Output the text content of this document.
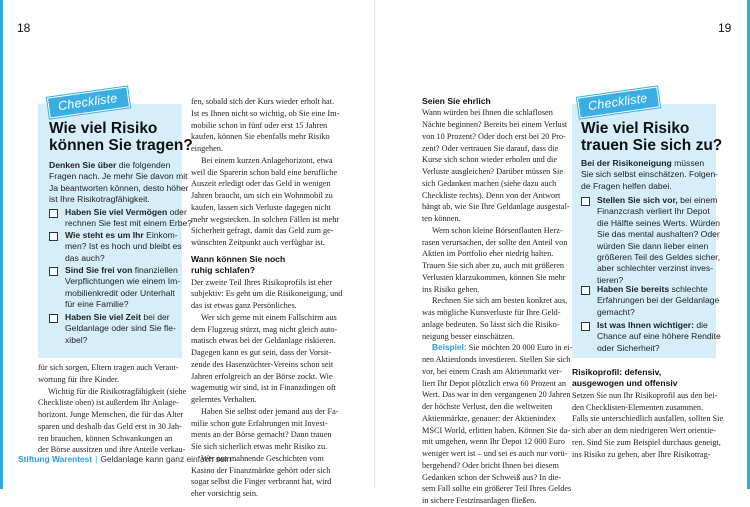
18	19
Checkliste
Wie viel Risiko
können Sie tragen?
Denken Sie über die folgenden
Fragen nach. Je mehr Sie davon mit
Ja beantworten können, desto höher
ist Ihre Risikotragfähigkeit.
Haben Sie viel Vermögen oder
rechnen Sie fest mit einem Erbe?
Wie steht es um Ihr Einkom-
men? Ist es hoch und bleibt es
das auch?
Sind Sie frei von finanziellen
Verpflichtungen wie einem Im-
mobilienkredit oder Unterhalt
für eine Familie?
Haben Sie viel Zeit bei der
Geldanlage oder sind Sie fle-
xibel?
für sich sorgen, Eltern tragen auch Verant-
wortung für ihre Kinder.
Wichtig für die Risikotragfähigkeit (siehe
Checkliste oben) ist außerdem Ihr Anlage-
horizont. Junge Menschen, die für das Alter
sparen und deshalb das Geld erst in 30 Jah-
ren brauchen, können Schwankungen an
der Börse aussitzen und ihre Anteile verkau-
fen, sobald sich der Kurs wieder erholt hat.
Ist es Ihnen nicht so wichtig, ob Sie eine Im-
mobilie schon in fünf oder erst 15 Jahren
kaufen, können Sie ebenfalls mehr Risiko
eingehen.
Bei einem kurzen Anlagehorizont, etwa
weil die Sparerin schon bald eine berufliche
Auszeit erledigt oder das Geld in wenigen
Jahren braucht, um sich ein Wohnmobil zu
kaufen, lassen sich Verluste dagegen nicht
mehr wegstecken. In solchen Fällen ist mehr
Sicherheit gefragt, damit das Geld zum ge-
wünschten Zeitpunkt auch verfügbar ist.
Wann können Sie noch
ruhig schlafen?
Der zweite Teil Ihres Risikoprofils ist eher
subjektiv: Es geht um die Risikoneigung, und
das ist etwas ganz Persönliches.
Wer sich gerne mit einem Fallschirm aus
dem Flugzeug stürzt, mag nicht gleich auto-
matisch etwas bei der Geldanlage riskieren.
Dagegen kann es gut sein, dass der Vorsit-
zende des Hasenzüchter-Vereins schon seit
Jahren erfolgreich an der Börse zockt. Wie
wagemutig wir sind, ist in Finanzdingen oft
gelerntes Verhalten.
Haben Sie selbst oder jemand aus der Fa-
milie schon gute Erfahrungen mit Invest-
ments an der Börse gemacht? Dann trauen
Sie sich sicherlich etwas mehr Risiko zu.
Wer nur mahnende Geschichten vom
Kasino der Finanzmärkte gehört oder sich
sogar selbst die Finger verbrannt hat, wird
eher vorsichtig sein.
Seien Sie ehrlich
Wann würden bei Ihnen die schlaflosen
Nächte beginnen? Bereits bei einem Verlust
von 10 Prozent? Oder doch erst bei 20 Pro-
zent? Oder vertrauen Sie darauf, dass die
Kurse sich schon wieder erholen und die
Verluste ausgleichen? Darüber müssen Sie
sich Gedanken machen (siehe dazu auch
Checkliste rechts). Denn von der Antwort
hängt ab, wie Sie Ihre Geldanlage ausgestal-
ten können.
Wem schon kleine Börsenflauten Herz-
rasen verursachen, der sollte den Anteil von
Aktien im Portfolio eher niedrig halten.
Trauen Sie sich aber zu, auch mit größeren
Verlusten klarzukommen, können Sie mehr
ins Risiko gehen.
Rechnen Sie sich am besten konkret aus,
was mögliche Kursverluste für Ihre Geld-
anlage bedeuten. So lässt sich die Risiko-
neigung besser einschätzen.
Beispiel: Sie möchten 20 000 Euro in ei-
nen Aktienfonds investieren. Stellen Sie sich
vor, bei einem Crash am Aktienmarkt ver-
liert Ihr Depot plötzlich etwa 60 Prozent an
Wert. Das war in den vergangenen 20 Jahren
der höchste Verlust, den die weltweiten
Aktienmärkte, genauer: der Aktienindex
MSCI World, erlitten haben. Können Sie da-
mit umgehen, wenn Ihr Depot 12 000 Euro
weniger wert ist – und sei es auch nur vorü-
bergehend? Oder bricht Ihnen bei diesem
Gedanken schon der Schweiß aus? In die-
sem Fall sollte ein größerer Teil Ihres Geldes
in sichere Festzinsanlagen fließen.
Checkliste
Wie viel Risiko
trauen Sie sich zu?
Bei der Risikoneigung müssen
Sie sich selbst einschätzen. Folgen-
de Fragen helfen dabei.
Stellen Sie sich vor, bei einem
Finanzcrash verliert Ihr Depot
die Hälfte seines Werts. Würden
Sie das mental aushalten? Oder
würden Sie dann lieber einen
größeren Teil des Geldes sicher,
aber schlechter verzinst inves-
tieren?
Haben Sie bereits schlechte
Erfahrungen bei der Geldanlage
gemacht?
Ist was Ihnen wichtiger: die
Chance auf eine höhere Rendite
oder Sicherheit?
Risikoprofil: defensiv,
ausgewogen und offensiv
Setzen Sie nun Ihr Risikoprofil aus den bei-
den Checklisten-Elementen zusammen.
Falls sie unterschiedlich ausfallen, sollten Sie
sich aber an dem niedrigeren Wert orientie-
ren. Sind Sie zum Beispiel durchaus geneigt,
ins Risiko zu gehen, aber Ihre Risikotrag-
Stiftung Warentest | Geldanlage kann ganz einfach sein
